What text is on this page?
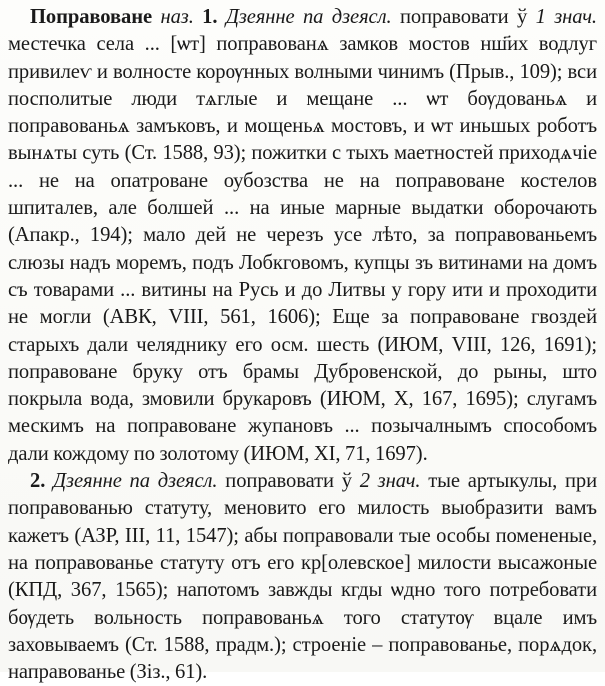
Поправоване наз. 1. Дзеянне па дзеясл. поправовати ў 1 знач. местечка села ... [ѡт] поправованѧ замков мостов нш҃их водлуг привилеѵ и волносте корѹнных волными чинимъ (Прыв., 109); вси посполитые люди тѧглые и мещане ... ѡт бѹдованьѧ и поправованьѧ замъковъ, и мощеньѧ мостовъ, и ѡт иньшых роботъ вынѧты суть (Ст. 1588, 93); пожитки с тыхъ маетностей приходѧчіе ... не на опатроване оубозства не на поправоване костелов шпиталев, але болшей ... на иные марные выдатки оборочають (Апакр., 194); мало дей не черезъ усе лѣто, за поправованьемъ слюзы надъ моремъ, подъ Лобкговомъ, купцы зъ витинами на домъ съ товарами ... витины на Русь и до Литвы у гору ити и проходити не могли (АВК, VIII, 561, 1606); Еще за поправоване гвоздей старыхъ дали челяднику его осм. шесть (ИЮМ, VIII, 126, 1691); поправоване бруку отъ брамы Дубровенской, до рыны, што покрыла вода, змовили брукаровъ (ИЮМ, X, 167, 1695); слугамъ мескимъ на поправоване жупановъ ... позычалнымъ способомъ дали кождому по золотому (ИЮМ, XI, 71, 1697).

2. Дзеянне па дзеясл. поправовати ў 2 знач. тые артыкулы, при поправованью статуту, меновито его милость выобразити вамъ кажетъ (АЗР, III, 11, 1547); абы поправовали тые особы помененые, на поправованье статуту отъ его кр[олевское] милости высажоные (КПД, 367, 1565); напотомъ завжды кгды ѡдно того потребовати бѹдеть вольность поправованьѧ того статутѹ вцале имъ заховываемъ (Ст. 1588, прадм.); строеніе – поправованье, порѧдок, направованье (Зіз., 61).
